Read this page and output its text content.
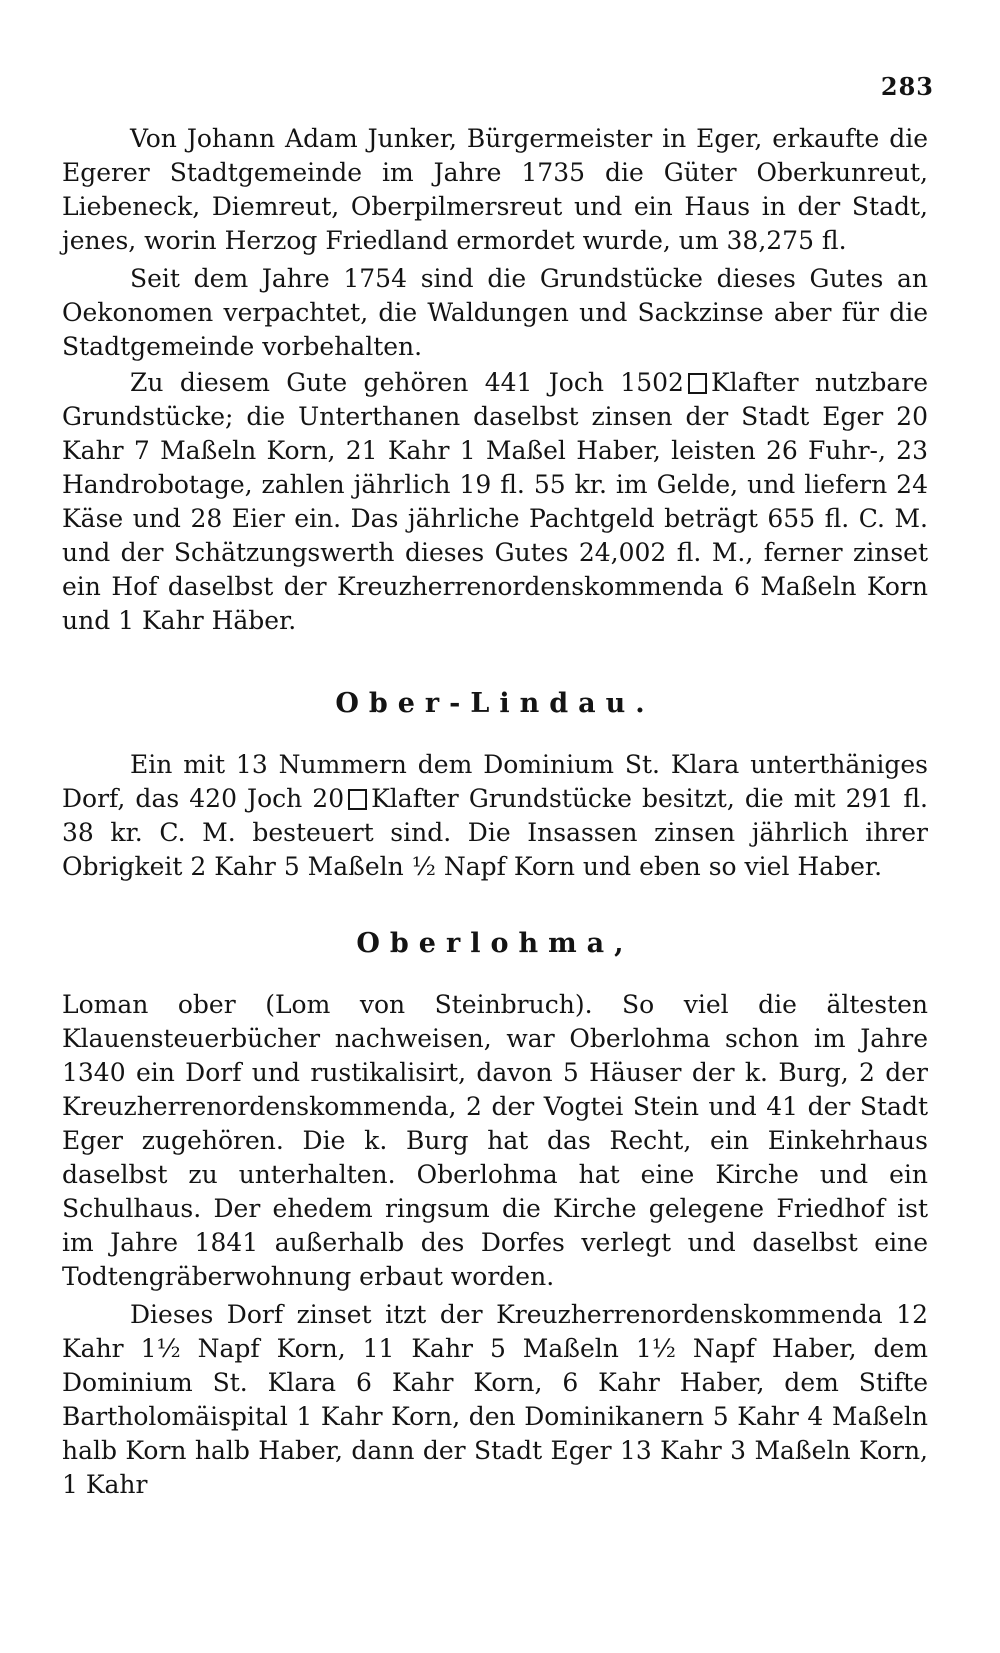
283

Von Johann Adam Junker, Bürgermeister in Eger, erkaufte die Egerer Stadtgemeinde im Jahre 1735 die Güter Oberkunreut, Liebeneck, Diemreut, Oberpilmersreut und ein Haus in der Stadt, jenes, worin Herzog Friedland ermordet wurde, um 38,275 fl.

Seit dem Jahre 1754 sind die Grundstücke dieses Gutes an Oekonomen verpachtet, die Waldungen und Sackzinse aber für die Stadtgemeinde vorbehalten.

Zu diesem Gute gehören 441 Joch 1502 Klafter nutzbare Grundstücke; die Unterthanen daselbst zinsen der Stadt Eger 20 Kahr 7 Maßeln Korn, 21 Kahr 1 Maßel Haber, leisten 26 Fuhr-, 23 Handrobotage, zahlen jährlich 19 fl. 55 kr. im Gelde, und liefern 24 Käse und 28 Eier ein. Das jährliche Pachtgeld beträgt 655 fl. C. M. und der Schätzungswerth dieses Gutes 24,002 fl. M., ferner zinset ein Hof daselbst der Kreuzherrenordenskommenda 6 Maßeln Korn und 1 Kahr Häber.

Ober-Lindau.

Ein mit 13 Nummern dem Dominium St. Klara unterthäniges Dorf, das 420 Joch 20 Klafter Grundstücke besitzt, die mit 291 fl. 38 kr. C. M. besteuert sind. Die Insassen zinsen jährlich ihrer Obrigkeit 2 Kahr 5 Maßeln ½ Napf Korn und eben so viel Haber.

Oberlohma,

Loman ober (Lom von Steinbruch). So viel die ältesten Klauensteuerbücher nachweisen, war Oberlohma schon im Jahre 1340 ein Dorf und rustikalisirt, davon 5 Häuser der k. Burg, 2 der Kreuzherrenordenskommenda, 2 der Vogtei Stein und 41 der Stadt Eger zugehören. Die k. Burg hat das Recht, ein Einkehrhaus daselbst zu unterhalten. Oberlohma hat eine Kirche und ein Schulhaus. Der ehedem ringsum die Kirche gelegene Friedhof ist im Jahre 1841 außerhalb des Dorfes verlegt und daselbst eine Todtengräberwohnung erbaut worden.

Dieses Dorf zinset itzt der Kreuzherrenordenskommenda 12 Kahr 1½ Napf Korn, 11 Kahr 5 Maßeln 1½ Napf Haber, dem Dominium St. Klara 6 Kahr Korn, 6 Kahr Haber, dem Stifte Bartholomäispital 1 Kahr Korn, den Dominikanern 5 Kahr 4 Maßeln halb Korn halb Haber, dann der Stadt Eger 13 Kahr 3 Maßeln Korn, 1 Kahr
